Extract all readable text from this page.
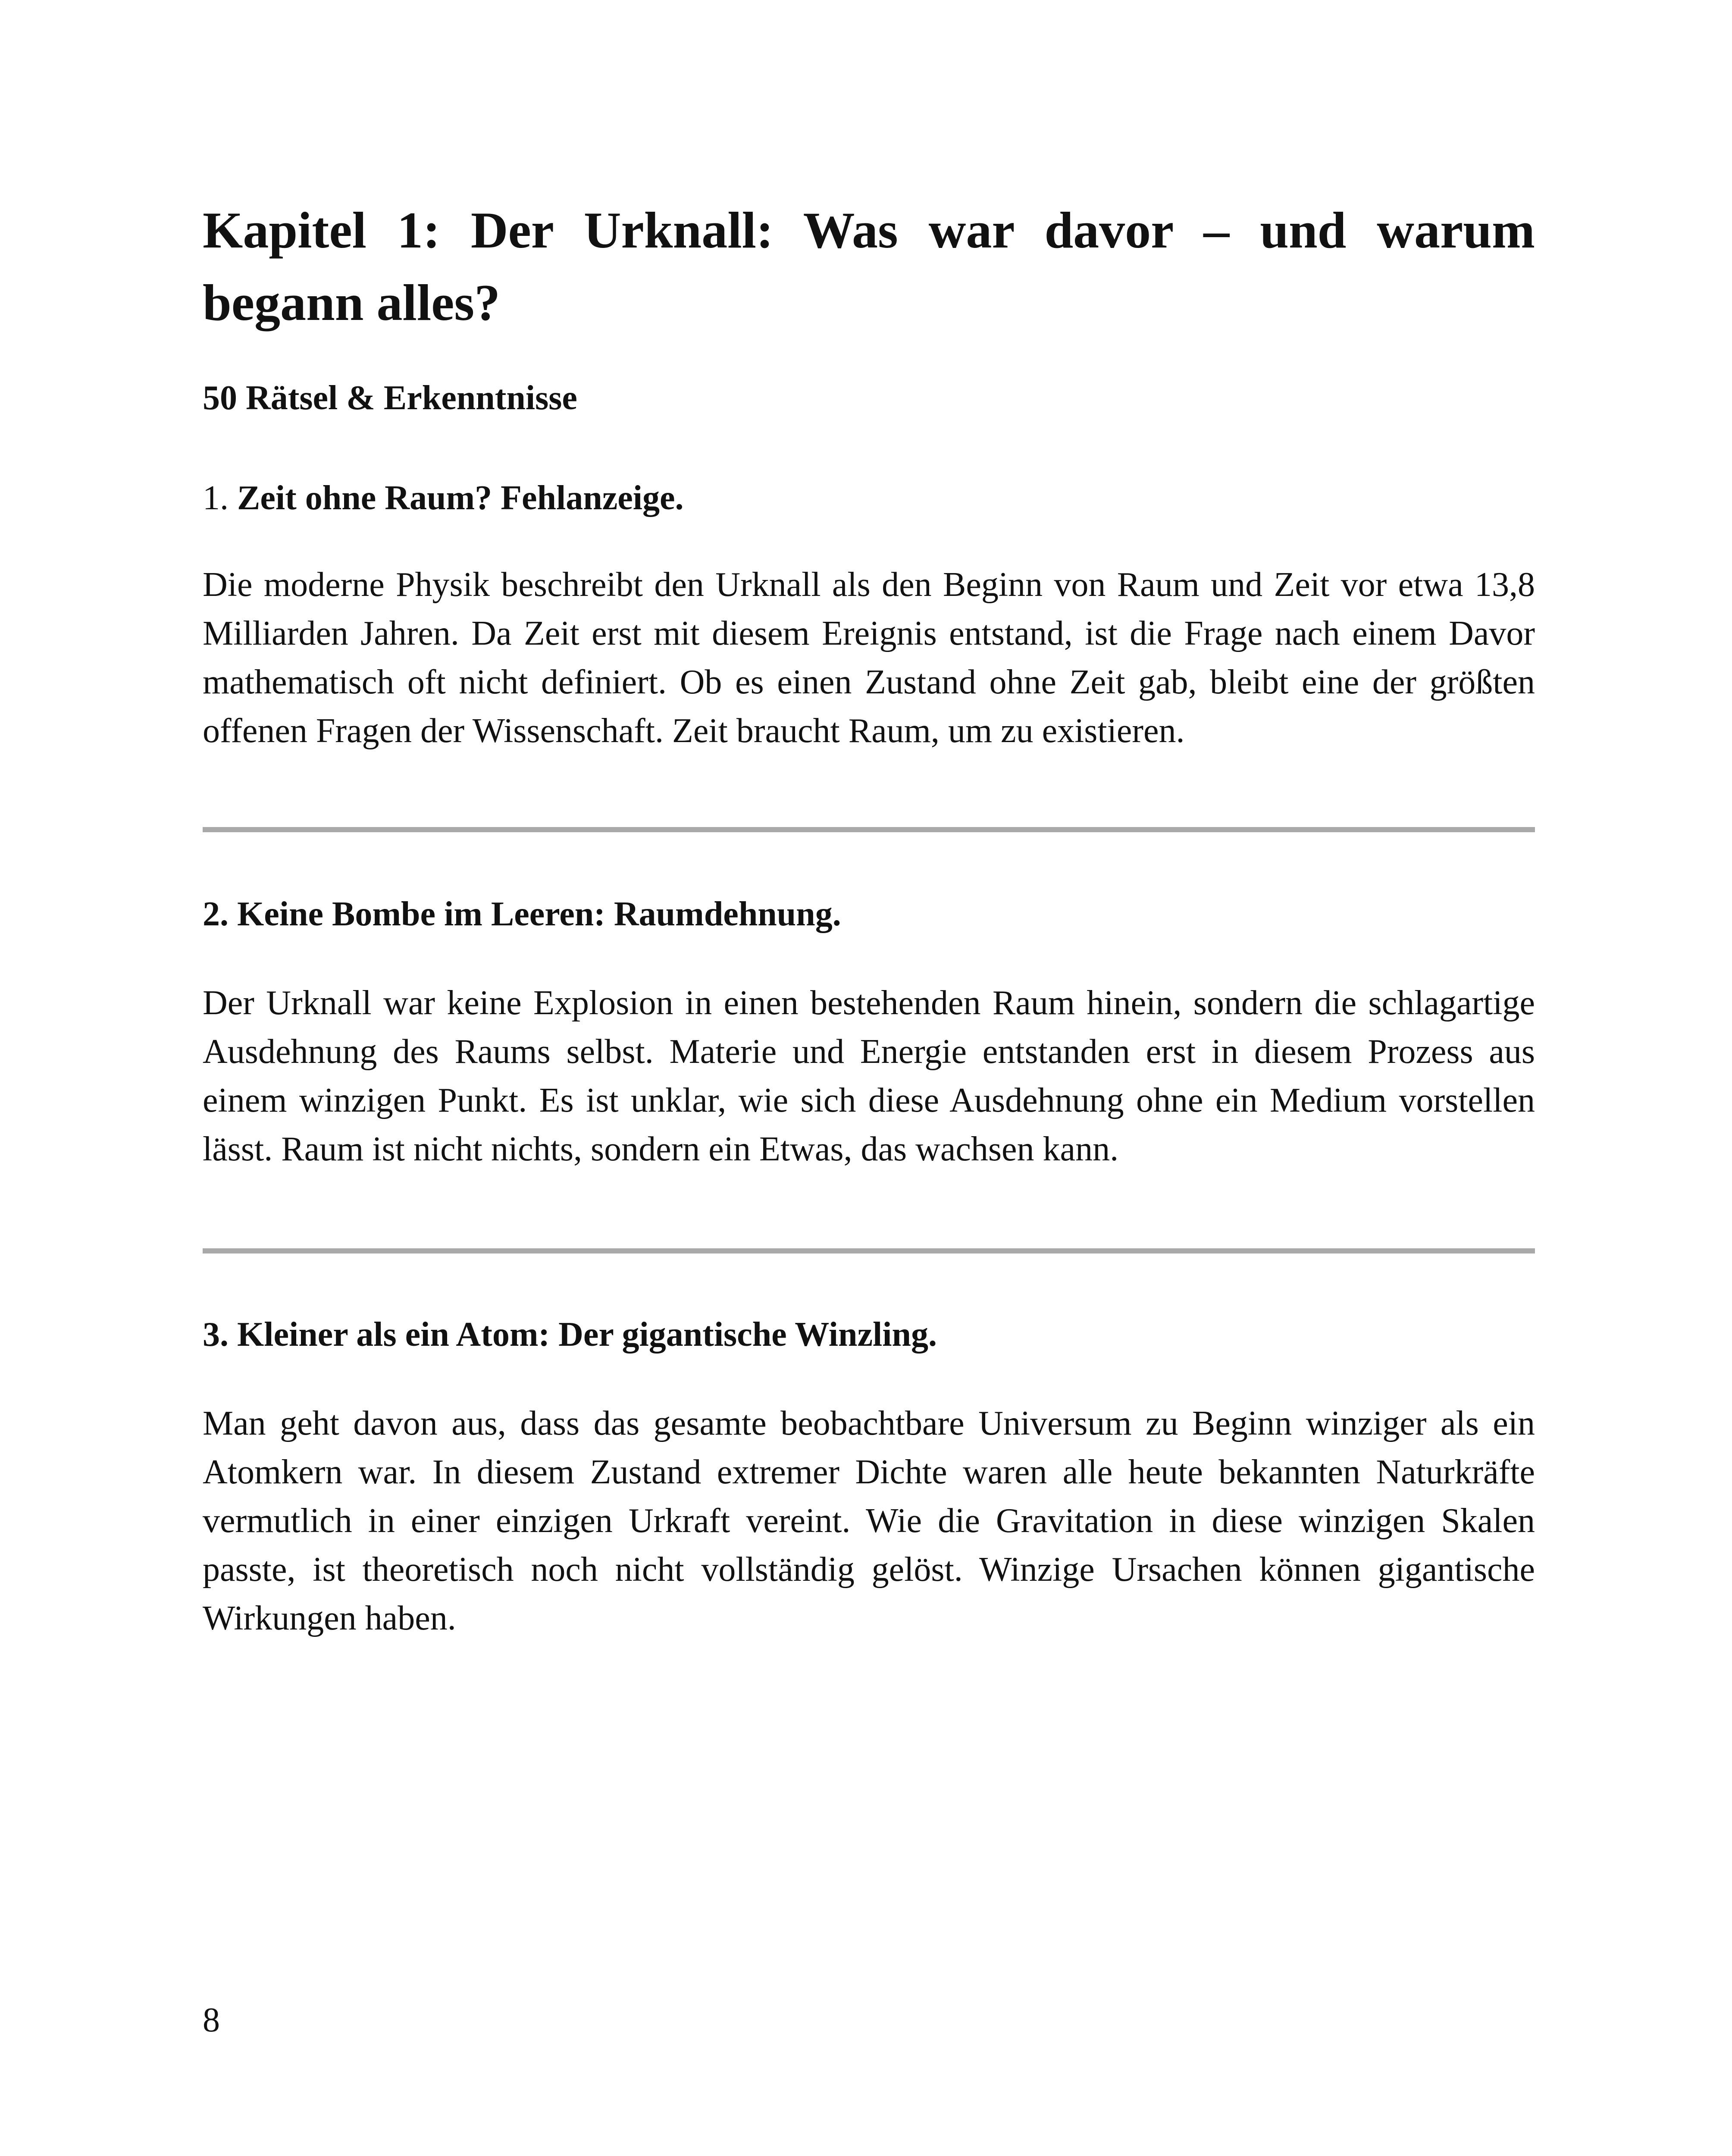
Kapitel 1: Der Urknall: Was war davor – und warum begann alles?
50 Rätsel & Erkenntnisse
1. Zeit ohne Raum? Fehlanzeige.

Die moderne Physik beschreibt den Urknall als den Beginn von Raum und Zeit vor etwa 13,8 Milliarden Jahren. Da Zeit erst mit diesem Ereignis entstand, ist die Frage nach einem Davor mathematisch oft nicht definiert. Ob es einen Zustand ohne Zeit gab, bleibt eine der größten offenen Fragen der Wissenschaft. Zeit braucht Raum, um zu existieren.

2. Keine Bombe im Leeren: Raumdehnung.

Der Urknall war keine Explosion in einen bestehenden Raum hinein, sondern die schlagartige Ausdehnung des Raums selbst. Materie und Energie entstanden erst in diesem Prozess aus einem winzigen Punkt. Es ist unklar, wie sich diese Ausdehnung ohne ein Medium vorstellen lässt. Raum ist nicht nichts, sondern ein Etwas, das wachsen kann.

3. Kleiner als ein Atom: Der gigantische Winzling.

Man geht davon aus, dass das gesamte beobachtbare Universum zu Beginn winziger als ein Atomkern war. In diesem Zustand extremer Dichte waren alle heute bekannten Naturkräfte vermutlich in einer einzigen Urkraft vereint. Wie die Gravitation in diese winzigen Skalen passte, ist theoretisch noch nicht vollständig gelöst. Winzige Ursachen können gigantische Wirkungen haben.

8
